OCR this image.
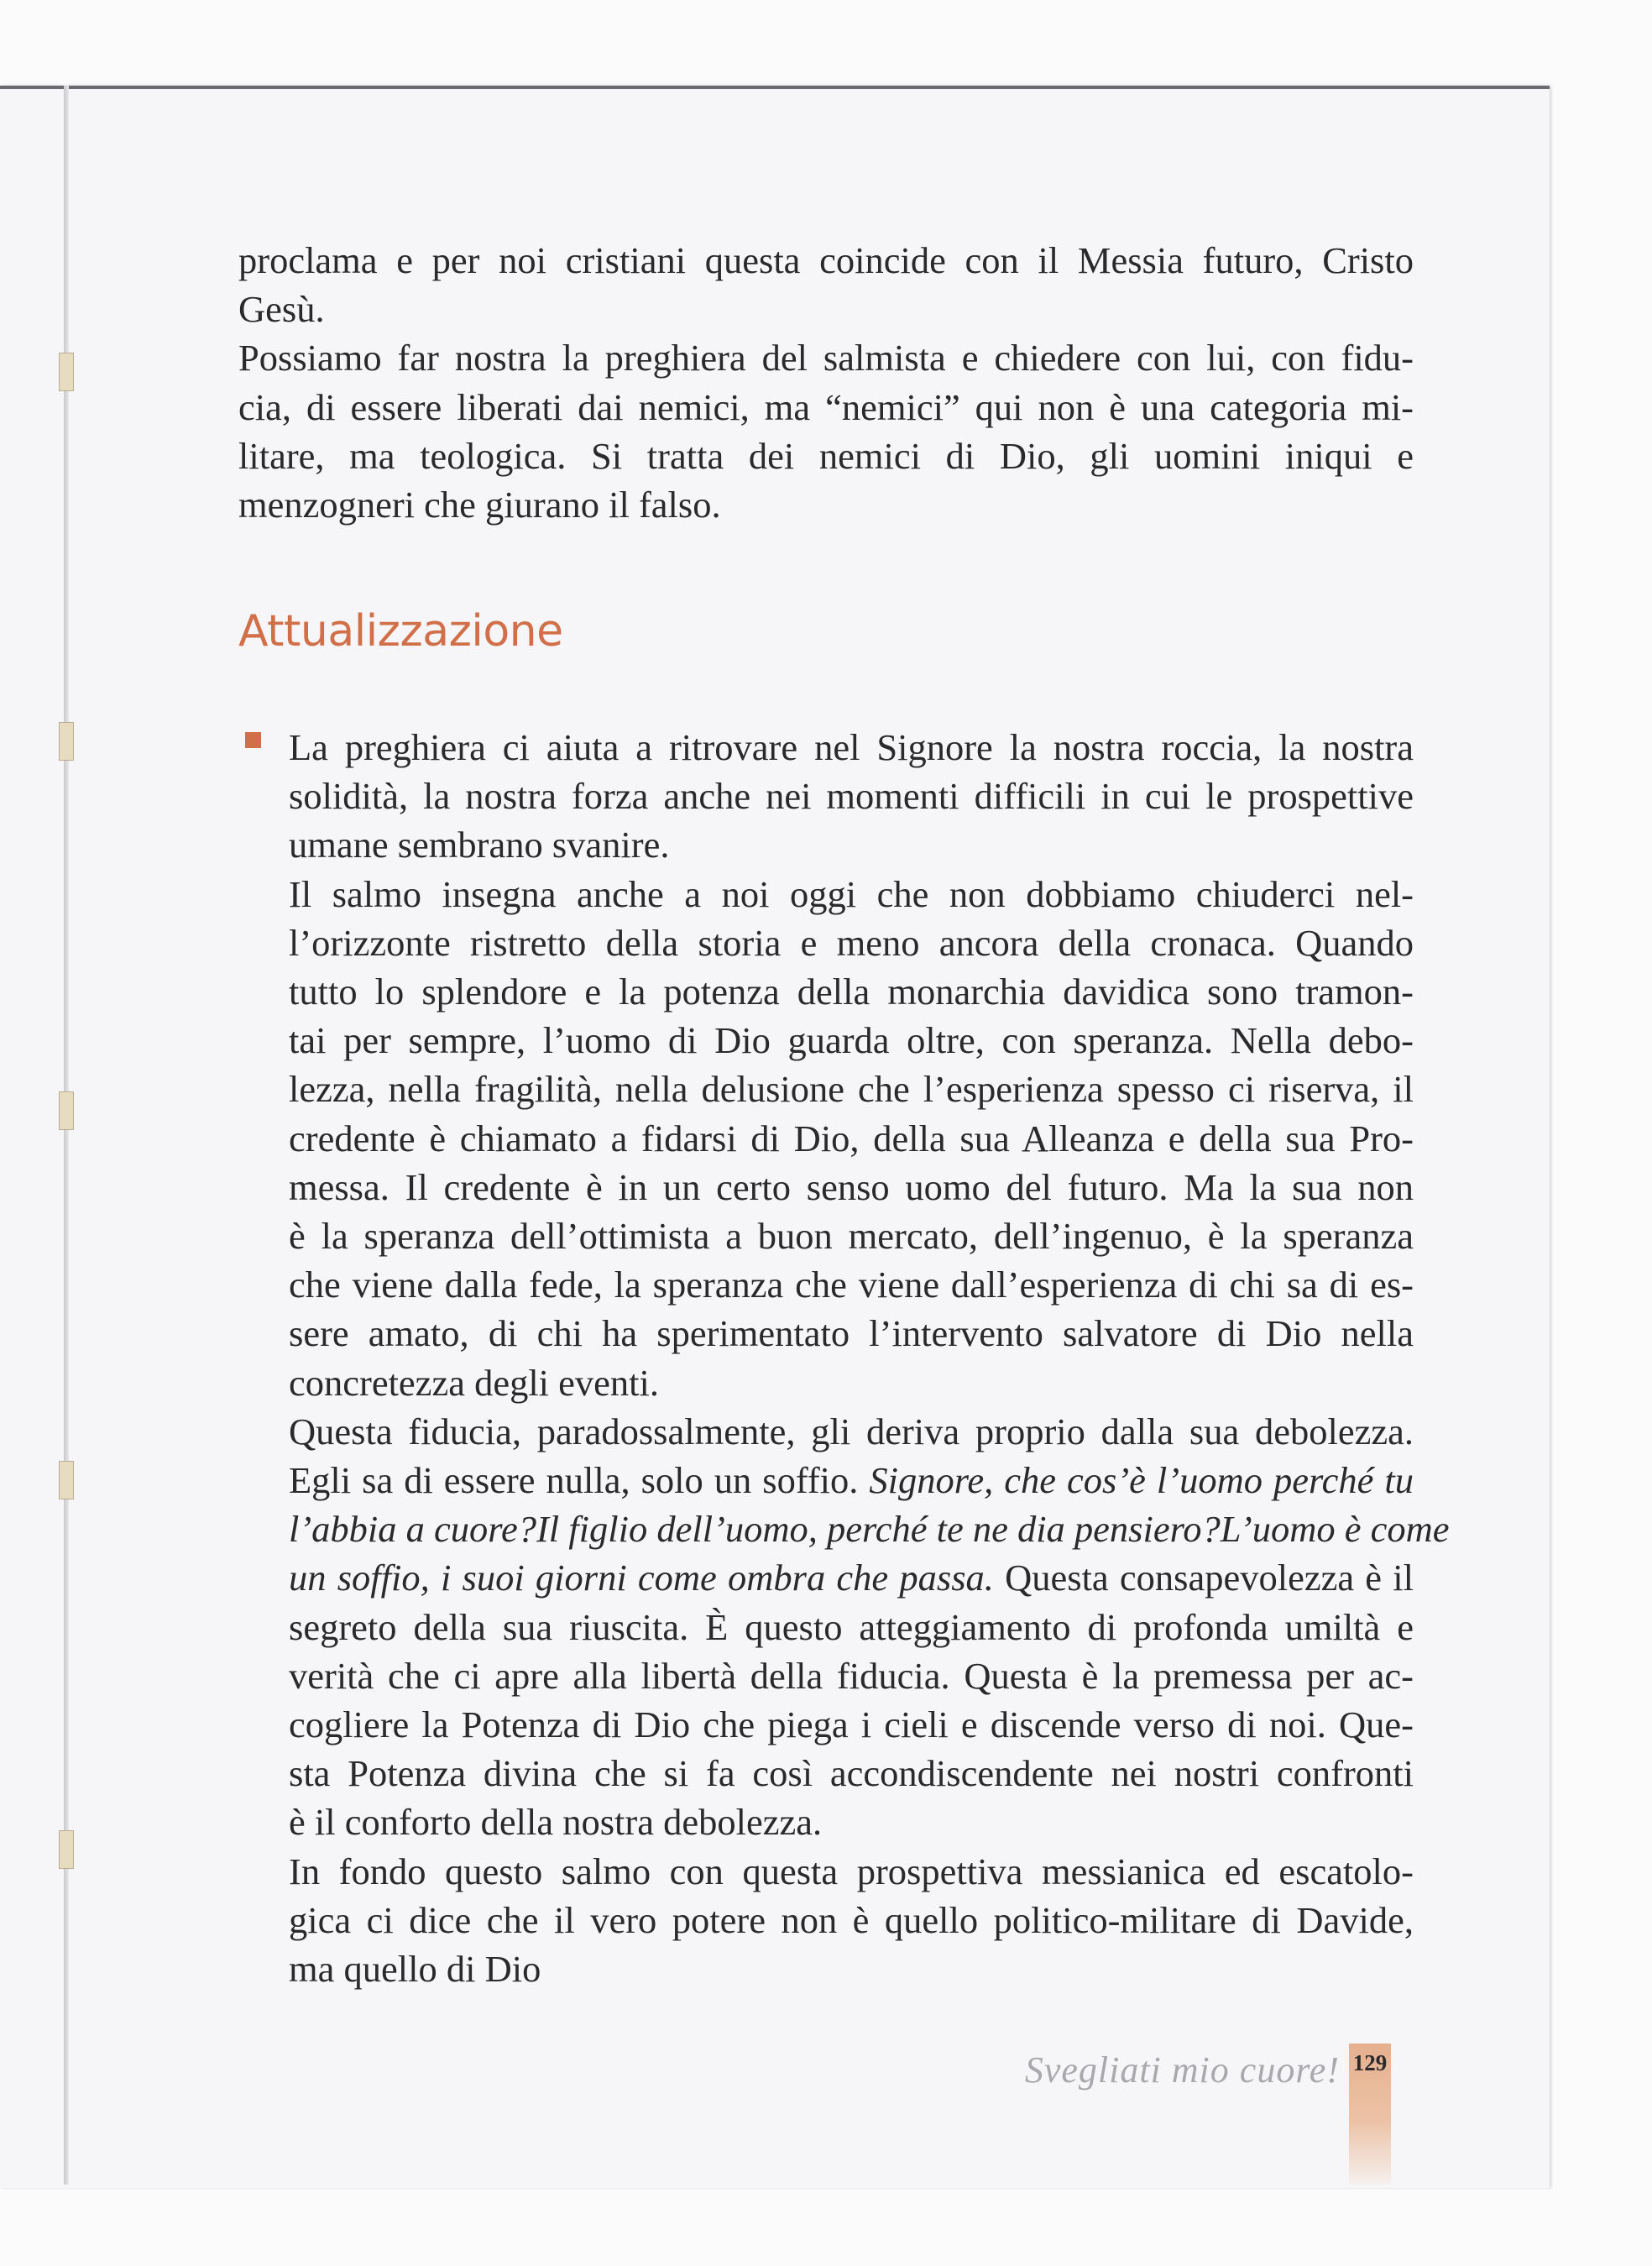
proclama e per noi cristiani questa coincide con il Messia futuro, Cristo
Gesù.
Possiamo far nostra la preghiera del salmista e chiedere con lui, con fidu-
cia, di essere liberati dai nemici, ma “nemici” qui non è una categoria mi-
litare, ma teologica. Si tratta dei nemici di Dio, gli uomini iniqui e
menzogneri che giurano il falso.
Attualizzazione
La preghiera ci aiuta a ritrovare nel Signore la nostra roccia, la nostra
solidità, la nostra forza anche nei momenti difficili in cui le prospettive
umane sembrano svanire.
Il salmo insegna anche a noi oggi che non dobbiamo chiuderci nel-
l’orizzonte ristretto della storia e meno ancora della cronaca. Quando
tutto lo splendore e la potenza della monarchia davidica sono tramon-
tai per sempre, l’uomo di Dio guarda oltre, con speranza. Nella debo-
lezza, nella fragilità, nella delusione che l’esperienza spesso ci riserva, il
credente è chiamato a fidarsi di Dio, della sua Alleanza e della sua Pro-
messa. Il credente è in un certo senso uomo del futuro. Ma la sua non
è la speranza dell’ottimista a buon mercato, dell’ingenuo, è la speranza
che viene dalla fede, la speranza che viene dall’esperienza di chi sa di es-
sere amato, di chi ha sperimentato l’intervento salvatore di Dio nella
concretezza degli eventi.
Questa fiducia, paradossalmente, gli deriva proprio dalla sua debolezza.
Egli sa di essere nulla, solo un soffio. Signore, che cos’è l’uomo perché tu
l’abbia a cuore?Il figlio dell’uomo, perché te ne dia pensiero?L’uomo è come
un soffio, i suoi giorni come ombra che passa. Questa consapevolezza è il
segreto della sua riuscita. È questo atteggiamento di profonda umiltà e
verità che ci apre alla libertà della fiducia. Questa è la premessa per ac-
cogliere la Potenza di Dio che piega i cieli e discende verso di noi. Que-
sta Potenza divina che si fa così accondiscendente nei nostri confronti
è il conforto della nostra debolezza.
In fondo questo salmo con questa prospettiva messianica ed escatolo-
gica ci dice che il vero potere non è quello politico-militare di Davide,
ma quello di Dio
Svegliati mio cuore! 129
